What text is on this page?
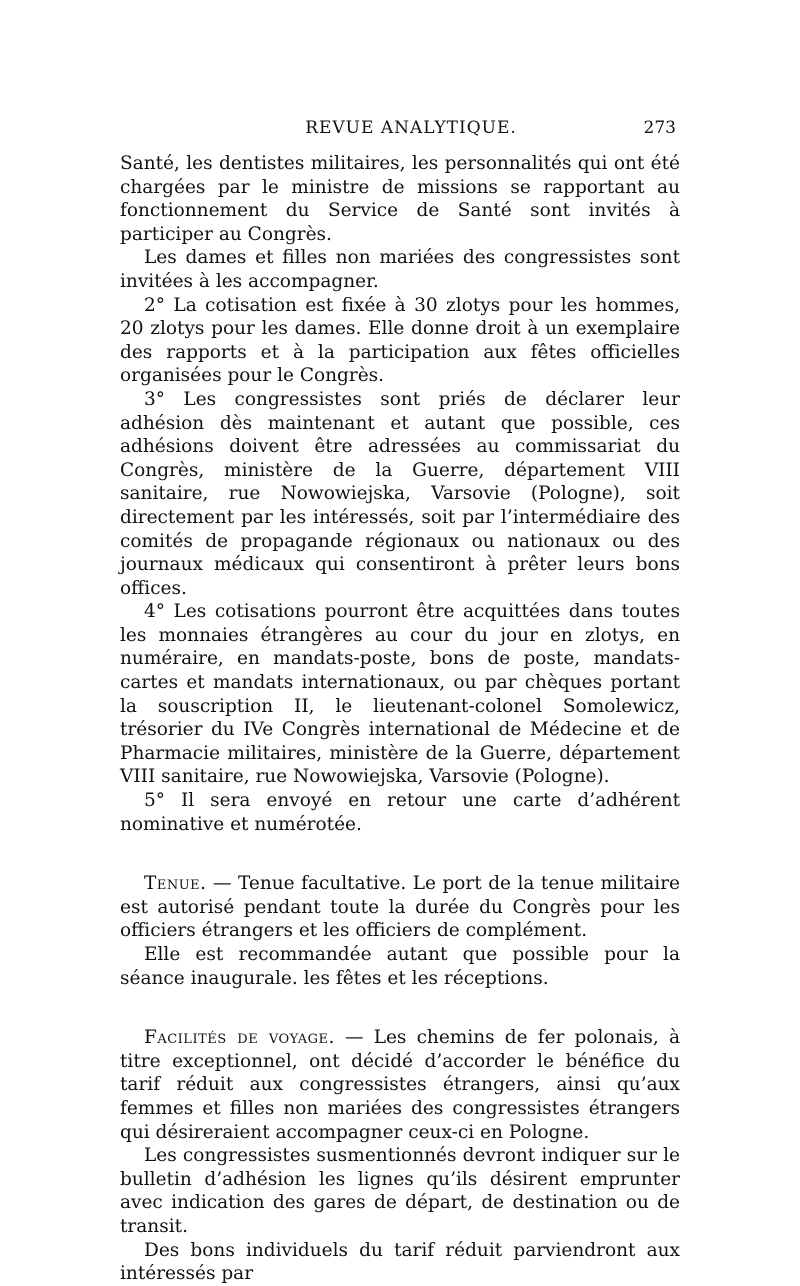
REVUE ANALYTIQUE.	273

Santé, les dentistes militaires, les personnalités qui ont été chargées par le ministre de missions se rapportant au fonctionnement du Service de Santé sont invités à participer au Congrès.

Les dames et filles non mariées des congressistes sont invitées à les accompagner.

2° La cotisation est fixée à 30 zlotys pour les hommes, 20 zlotys pour les dames. Elle donne droit à un exemplaire des rapports et à la participation aux fêtes officielles organisées pour le Congrès.

3° Les congressistes sont priés de déclarer leur adhésion dès maintenant et autant que possible, ces adhésions doivent être adressées au commissariat du Congrès, ministère de la Guerre, département VIII sanitaire, rue Nowowiejska, Varsovie (Pologne), soit directement par les intéressés, soit par l’intermédiaire des comités de propagande régionaux ou nationaux ou des journaux médicaux qui consentiront à prêter leurs bons offices.

4° Les cotisations pourront être acquittées dans toutes les monnaies étrangères au cour du jour en zlotys, en numéraire, en mandats-poste, bons de poste, mandats-cartes et mandats internationaux, ou par chèques portant la souscription II, le lieutenant-colonel Somolewicz, trésorier du IVe Congrès international de Médecine et de Pharmacie militaires, ministère de la Guerre, département VIII sanitaire, rue Nowowiejska, Varsovie (Pologne).

5° Il sera envoyé en retour une carte d’adhérent nominative et numérotée.

Tenue. — Tenue facultative. Le port de la tenue militaire est autorisé pendant toute la durée du Congrès pour les officiers étrangers et les officiers de complément.

Elle est recommandée autant que possible pour la séance inaugurale. les fêtes et les réceptions.

Facilités de voyage. — Les chemins de fer polonais, à titre exceptionnel, ont décidé d’accorder le bénéfice du tarif réduit aux congressistes étrangers, ainsi qu’aux femmes et filles non mariées des congressistes étrangers qui désireraient accompagner ceux-ci en Pologne.

Les congressistes susmentionnés devront indiquer sur le bulletin d’adhésion les lignes qu’ils désirent emprunter avec indication des gares de départ, de destination ou de transit.

Des bons individuels du tarif réduit parviendront aux intéressés par
